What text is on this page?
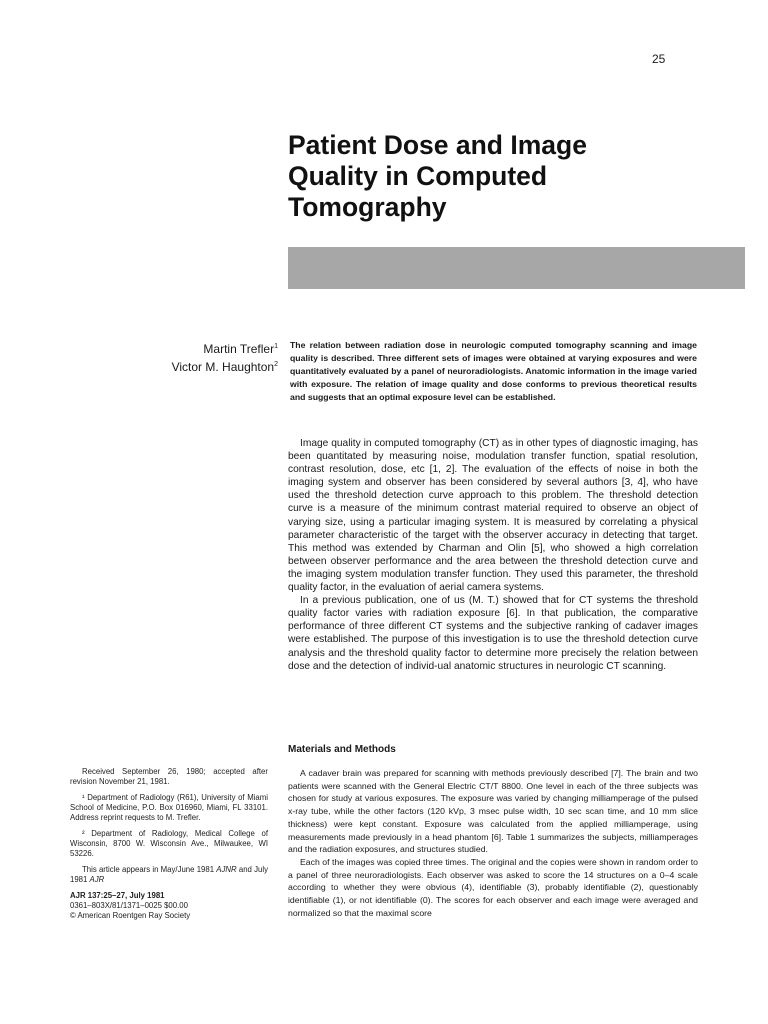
25
Patient Dose and Image
Quality in Computed
Tomography
Martin Trefler$^1$
Victor M. Haughton$^2$

The relation between radiation dose in neurologic computed tomography scanning and image quality is described. Three different sets of images were obtained at varying exposures and were quantitatively evaluated by a panel of neuroradiologists. Anatomic information in the image varied with exposure. The relation of image quality and dose conforms to previous theoretical results and suggests that an optimal exposure level can be established.

Image quality in computed tomography (CT) as in other types of diagnostic imaging, has been quantitated by measuring noise, modulation transfer function, spatial resolution, contrast resolution, dose, etc [1, 2]. The evaluation of the effects of noise in both the imaging system and observer has been considered by several authors [3, 4], who have used the threshold detection curve approach to this problem. The threshold detection curve is a measure of the minimum contrast material required to observe an object of varying size, using a particular imaging system. It is measured by correlating a physical parameter characteristic of the target with the observer accuracy in detecting that target. This method was extended by Charman and Olin [5], who showed a high correlation between observer performance and the area between the threshold detection curve and the imaging system modulation transfer function. They used this parameter, the threshold quality factor, in the evaluation of aerial camera systems.

In a previous publication, one of us (M. T.) showed that for CT systems the threshold quality factor varies with radiation exposure [6]. In that publication, the comparative performance of three different CT systems and the subjective ranking of cadaver images were established. The purpose of this investigation is to use the threshold detection curve analysis and the threshold quality factor to determine more precisely the relation between dose and the detection of individ-ual anatomic structures in neurologic CT scanning.

Materials and Methods

A cadaver brain was prepared for scanning with methods previously described [7]. The brain and two patients were scanned with the General Electric CT/T 8800. One level in each of the three subjects was chosen for study at various exposures. The exposure was varied by changing milliamperage of the pulsed x-ray tube, while the other factors (120 kVp, 3 msec pulse width, 10 sec scan time, and 10 mm slice thickness) were kept constant. Exposure was calculated from the applied milliamperage, using measurements made previously in a head phantom [6]. Table 1 summarizes the subjects, milliamperages and the radiation exposures, and structures studied.

Each of the images was copied three times. The original and the copies were shown in random order to a panel of three neuroradiologists. Each observer was asked to score the 14 structures on a 0–4 scale according to whether they were obvious (4), identifiable (3), probably identifiable (2), questionably identifiable (1), or not identifiable (0). The scores for each observer and each image were averaged and normalized so that the maximal score

Received September 26, 1980; accepted after revision November 21, 1981.

¹ Department of Radiology (R61), University of Miami School of Medicine, P.O. Box 016960, Miami, FL 33101. Address reprint requests to M. Trefler.

² Department of Radiology, Medical College of Wisconsin, 8700 W. Wisconsin Ave., Milwaukee, WI 53226.

This article appears in May/June 1981 AJNR and July 1981 AJR

AJR 137:25–27, July 1981
0361–803X/81/1371–0025 $00.00
© American Roentgen Ray Society
